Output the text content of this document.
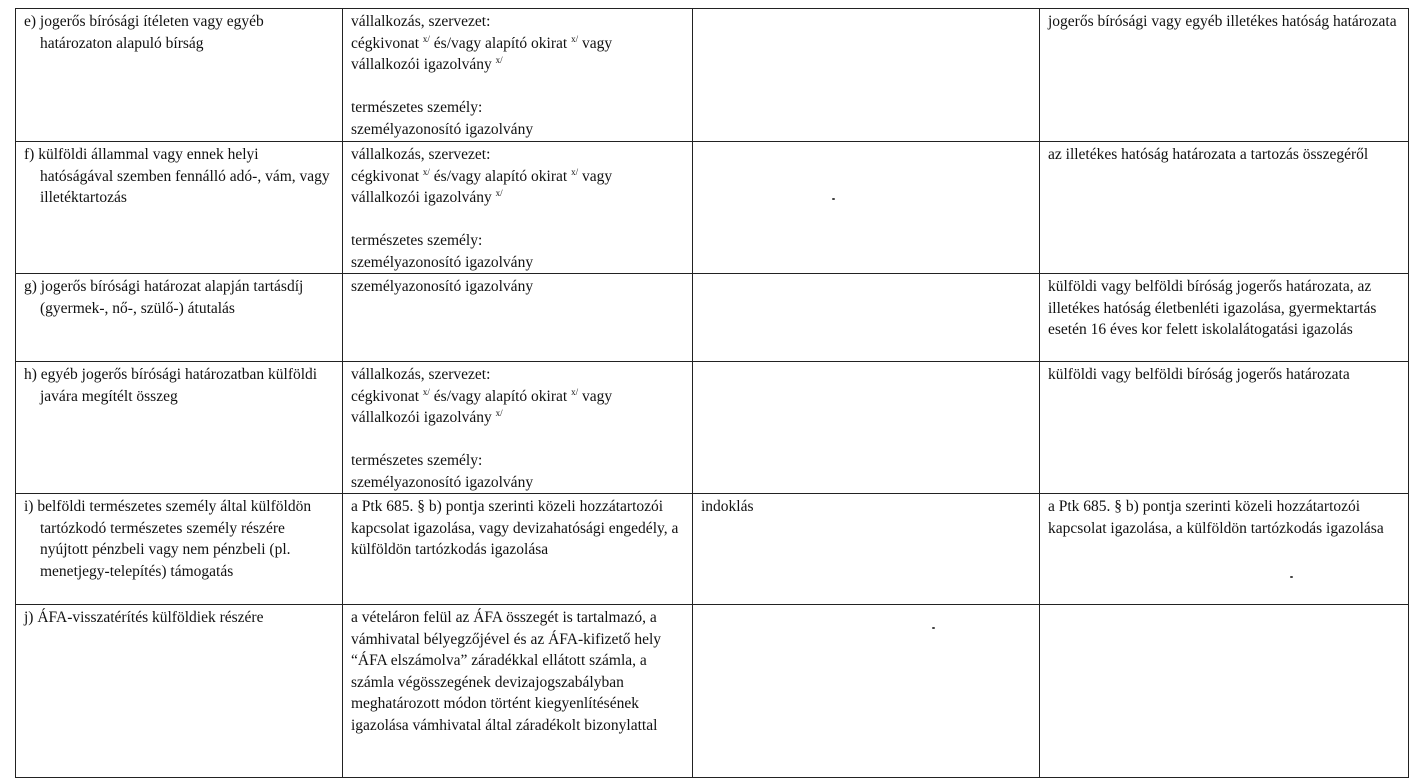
e) jogerős bírósági ítéleten vagy egyéb határozaton alapuló bírság	vállalkozás, szervezet:
cégkivonat $^{x/}$ és/vagy alapító okirat $^{x/}$ vagy
vállalkozói igazolvány $^{x/}$
természetes személy:
személyazonosító igazolvány		jogerős bírósági vagy egyéb illetékes hatóság határozata

f) külföldi állammal vagy ennek helyi hatóságával szemben fennálló adó-, vám, vagy illetéktartozás	vállalkozás, szervezet:
cégkivonat $^{x/}$ és/vagy alapító okirat $^{x/}$ vagy
vállalkozói igazolvány $^{x/}$
természetes személy:
személyazonosító igazolvány		az illetékes hatóság határozata a tartozás összegéről

g) jogerős bírósági határozat alapján tartásdíj (gyermek-, nő-, szülő-) átutalás	személyazonosító igazolvány		külföldi vagy belföldi bíróság jogerős határozata, az illetékes hatóság életbenléti igazolása, gyermektartás esetén 16 éves kor felett iskolalátogatási igazolás

h) egyéb jogerős bírósági határozatban külföldi javára megítélt összeg	vállalkozás, szervezet:
cégkivonat $^{x/}$ és/vagy alapító okirat $^{x/}$ vagy
vállalkozói igazolvány $^{x/}$
természetes személy:
személyazonosító igazolvány		külföldi vagy belföldi bíróság jogerős határozata

i) belföldi természetes személy által külföldön tartózkodó természetes személy részére nyújtott pénzbeli vagy nem pénzbeli (pl. menetjegy-telepítés) támogatás	a Ptk 685. § b) pontja szerinti közeli hozzátartozói kapcsolat igazolása, vagy devizahatósági engedély, a külföldön tartózkodás igazolása	indoklás	a Ptk 685. § b) pontja szerinti közeli hozzátartozói kapcsolat igazolása, a külföldön tartózkodás igazolása

j) ÁFA-visszatérítés külföldiek részére	a vételáron felül az ÁFA összegét is tartalmazó, a vámhivatal bélyegzőjével és az ÁFA-kifizető hely “ÁFA elszámolva” záradékkal ellátott számla, a számla végösszegének devizajogszabályban meghatározott módon történt kiegyenlítésének igazolása vámhivatal által záradékolt bizonylattal		
